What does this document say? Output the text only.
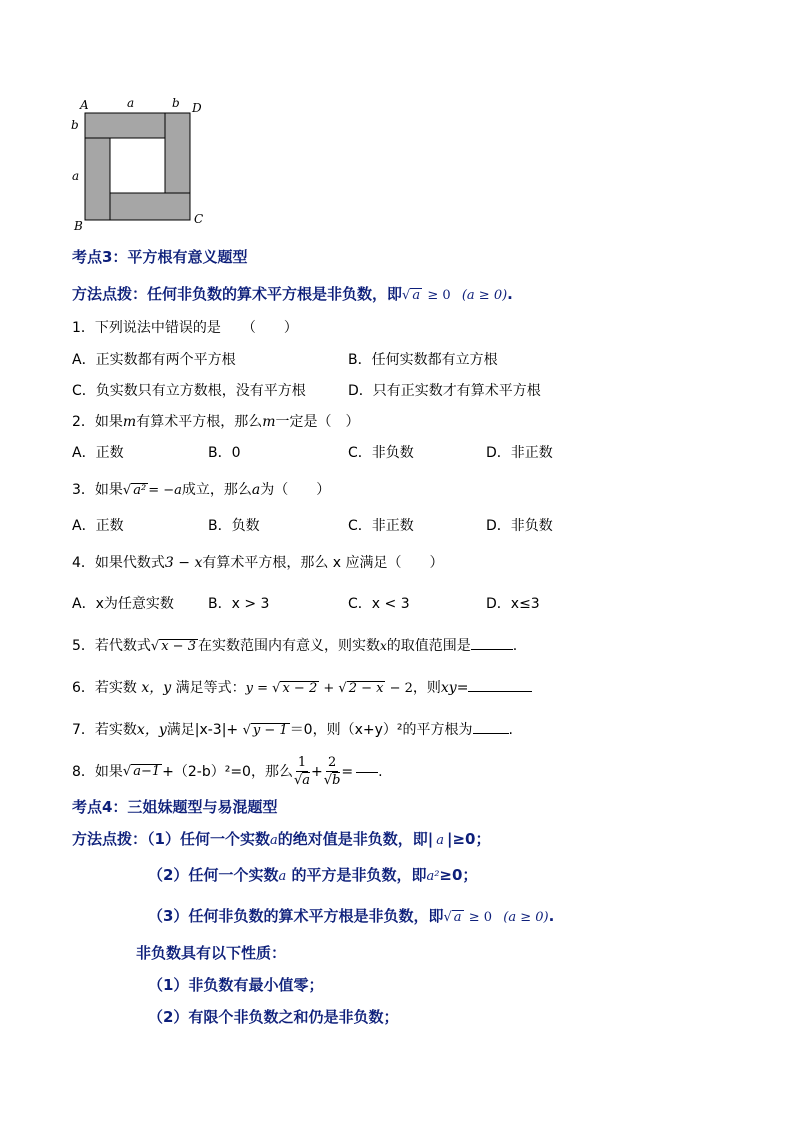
A	a	b D
b
a
B	C
考点3：平方根有意义题型
方法点拨：任何非负数的算术平方根是非负数，即√ a ≥ 0 (a ≥ 0).
1．下列说法中错误的是　　（　　）
A．正实数都有两个平方根	B．任何实数都有立方根
C．负实数只有立方数根，没有平方根	D．只有正实数才有算术平方根
2．如果m有算术平方根，那么m一定是（　）
A．正数	B．0	C．非负数	D．非正数
3．如果√ a² = −a成立，那么a为（　　）
A．正数	B．负数	C．非正数	D．非负数
4．如果代数式3 − x有算术平方根，那么 x 应满足（　　）
A．x为任意实数 B．x > 3	C．x < 3	D．x≤3
5．若代数式√ x − 3 在实数范围内有意义，则实数x的取值范围是	.
6．若实数 x，y 满足等式：y = √ x − 2 + √ 2 − x − 2，则xy=
7．若实数x，y满足|x-3|+ √ y − 1 ＝0，则（x+y）²的平方根为	.
8．如果 √ a−1 +（2-b）²=0，那么 $\frac{1}{√a} + \frac{2}{√b}$ = .
考点4：三姐妹题型与易混题型
方法点拨：（1）任何一个实数a的绝对值是非负数，即| a |≥0；
（2）任何一个实数a 的平方是非负数，即a²≥0；
（3）任何非负数的算术平方根是非负数，即√ a ≥ 0 (a ≥ 0).
非负数具有以下性质：
（1）非负数有最小值零；
（2）有限个非负数之和仍是非负数；
